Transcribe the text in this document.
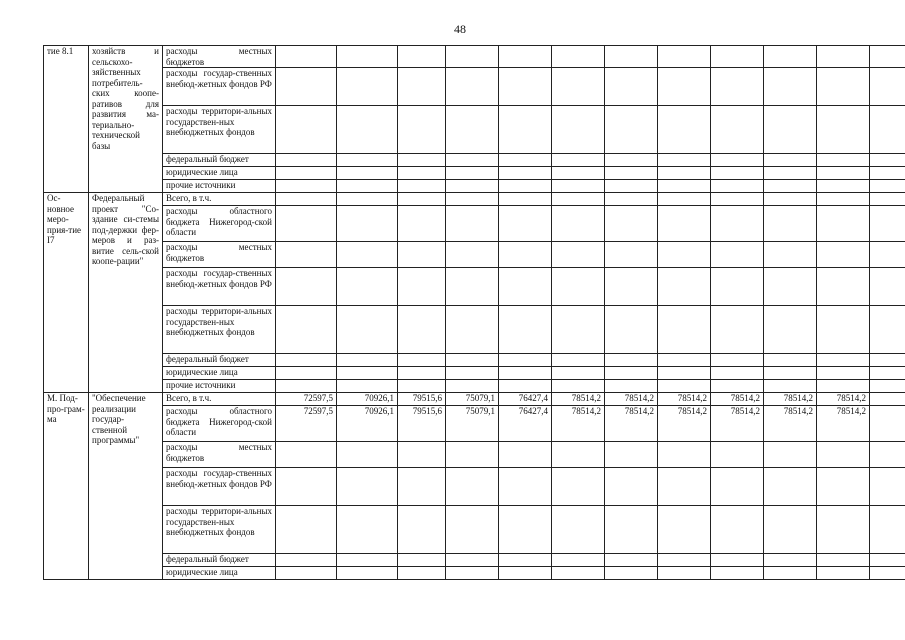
48
тие 8.1	хозяйств и сельскохо-зяйственных потребитель-ских коопе-ративов для развития ма-териально-технической базы	расходы местных бюджетов												
		расходы государ-ственных внебюд-жетных фондов РФ												
		расходы территори-альных государствен-ных внебюджетных фондов												
		федеральный бюджет												
		юридические лица												
		прочие источники												
Ос-новное меро-прия-тие I7	Федеральный проект "Со-здание си-стемы под-держки фер-меров и раз-витие сель-ской коопе-рации"	Всего, в т.ч.												
		расходы областного бюджета Нижегород-ской области												
		расходы местных бюджетов												
		расходы государ-ственных внебюд-жетных фондов РФ												
		расходы территори-альных государствен-ных внебюджетных фондов												
		федеральный бюджет												
		юридические лица												
		прочие источники												
М. Под-про-грам-ма	"Обеспечение реализации государ-ственной программы"	Всего, в т.ч.	72597,5	70926,1	79515,6	75079,1	76427,4	78514,2	78514,2	78514,2	78514,2	78514,2	78514,2	
		расходы областного бюджета Нижегород-ской области	72597,5	70926,1	79515,6	75079,1	76427,4	78514,2	78514,2	78514,2	78514,2	78514,2	78514,2	
		расходы местных бюджетов												
		расходы государ-ственных внебюд-жетных фондов РФ												
		расходы территори-альных государствен-ных внебюджетных фондов												
		федеральный бюджет												
		юридические лица												
